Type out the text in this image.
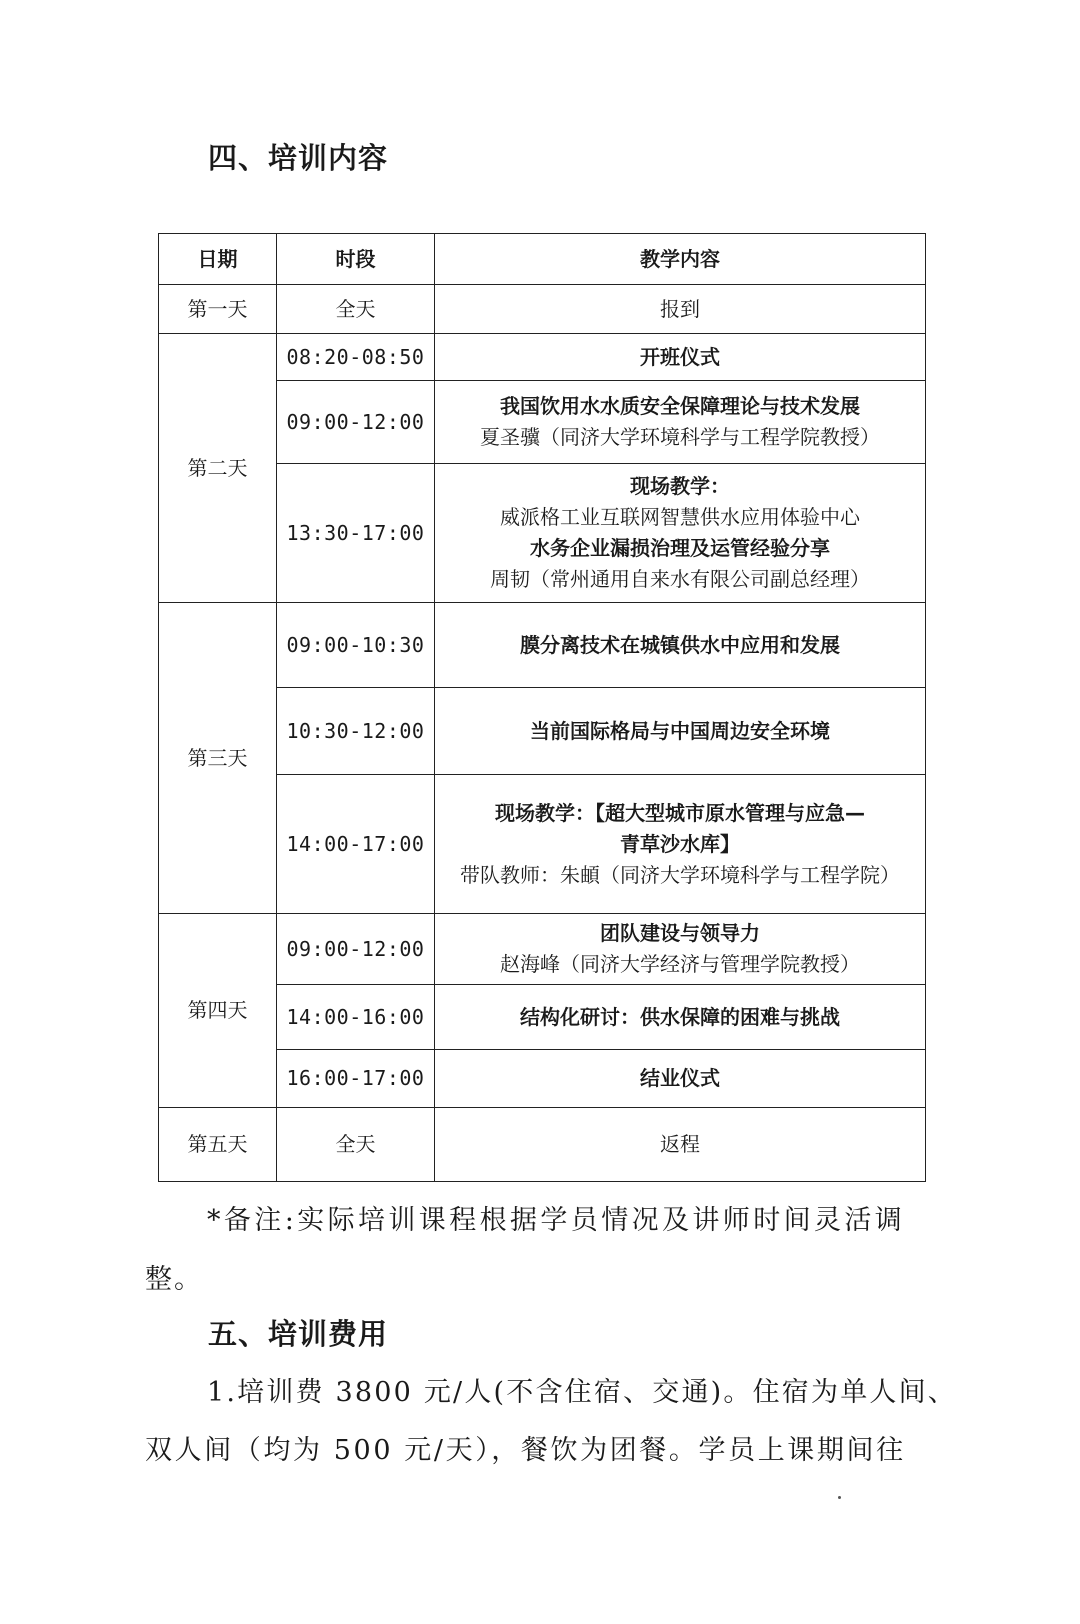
四、培训内容
日期	时段	教学内容
第一天	全天	报到
第二天	08:20-08:50	开班仪式

	09:00-12:00	我国饮用水水质安全保障理论与技术发展
夏圣骥（同济大学环境科学与工程学院教授）

	13:30-17:00	现场教学：
威派格工业互联网智慧供水应用体验中心
水务企业漏损治理及运管经验分享
周韧（常州通用自来水有限公司副总经理）

第三天	09:00-10:30	膜分离技术在城镇供水中应用和发展

	10:30-12:00	当前国际格局与中国周边安全环境

	14:00-17:00	现场教学：【超大型城市原水管理与应急—
青草沙水库】
带队教师：朱頔（同济大学环境科学与工程学院）

第四天	09:00-12:00	团队建设与领导力
赵海峰（同济大学经济与管理学院教授）

	14:00-16:00	结构化研讨：供水保障的困难与挑战

	16:00-17:00	结业仪式

第五天	全天	返程
*备注:实际培训课程根据学员情况及讲师时间灵活调
整。
五、培训费用
1.培训费 3800 元/人(不含住宿、交通)。住宿为单人间、
双人间（均为 500 元/天），餐饮为团餐。学员上课期间往
